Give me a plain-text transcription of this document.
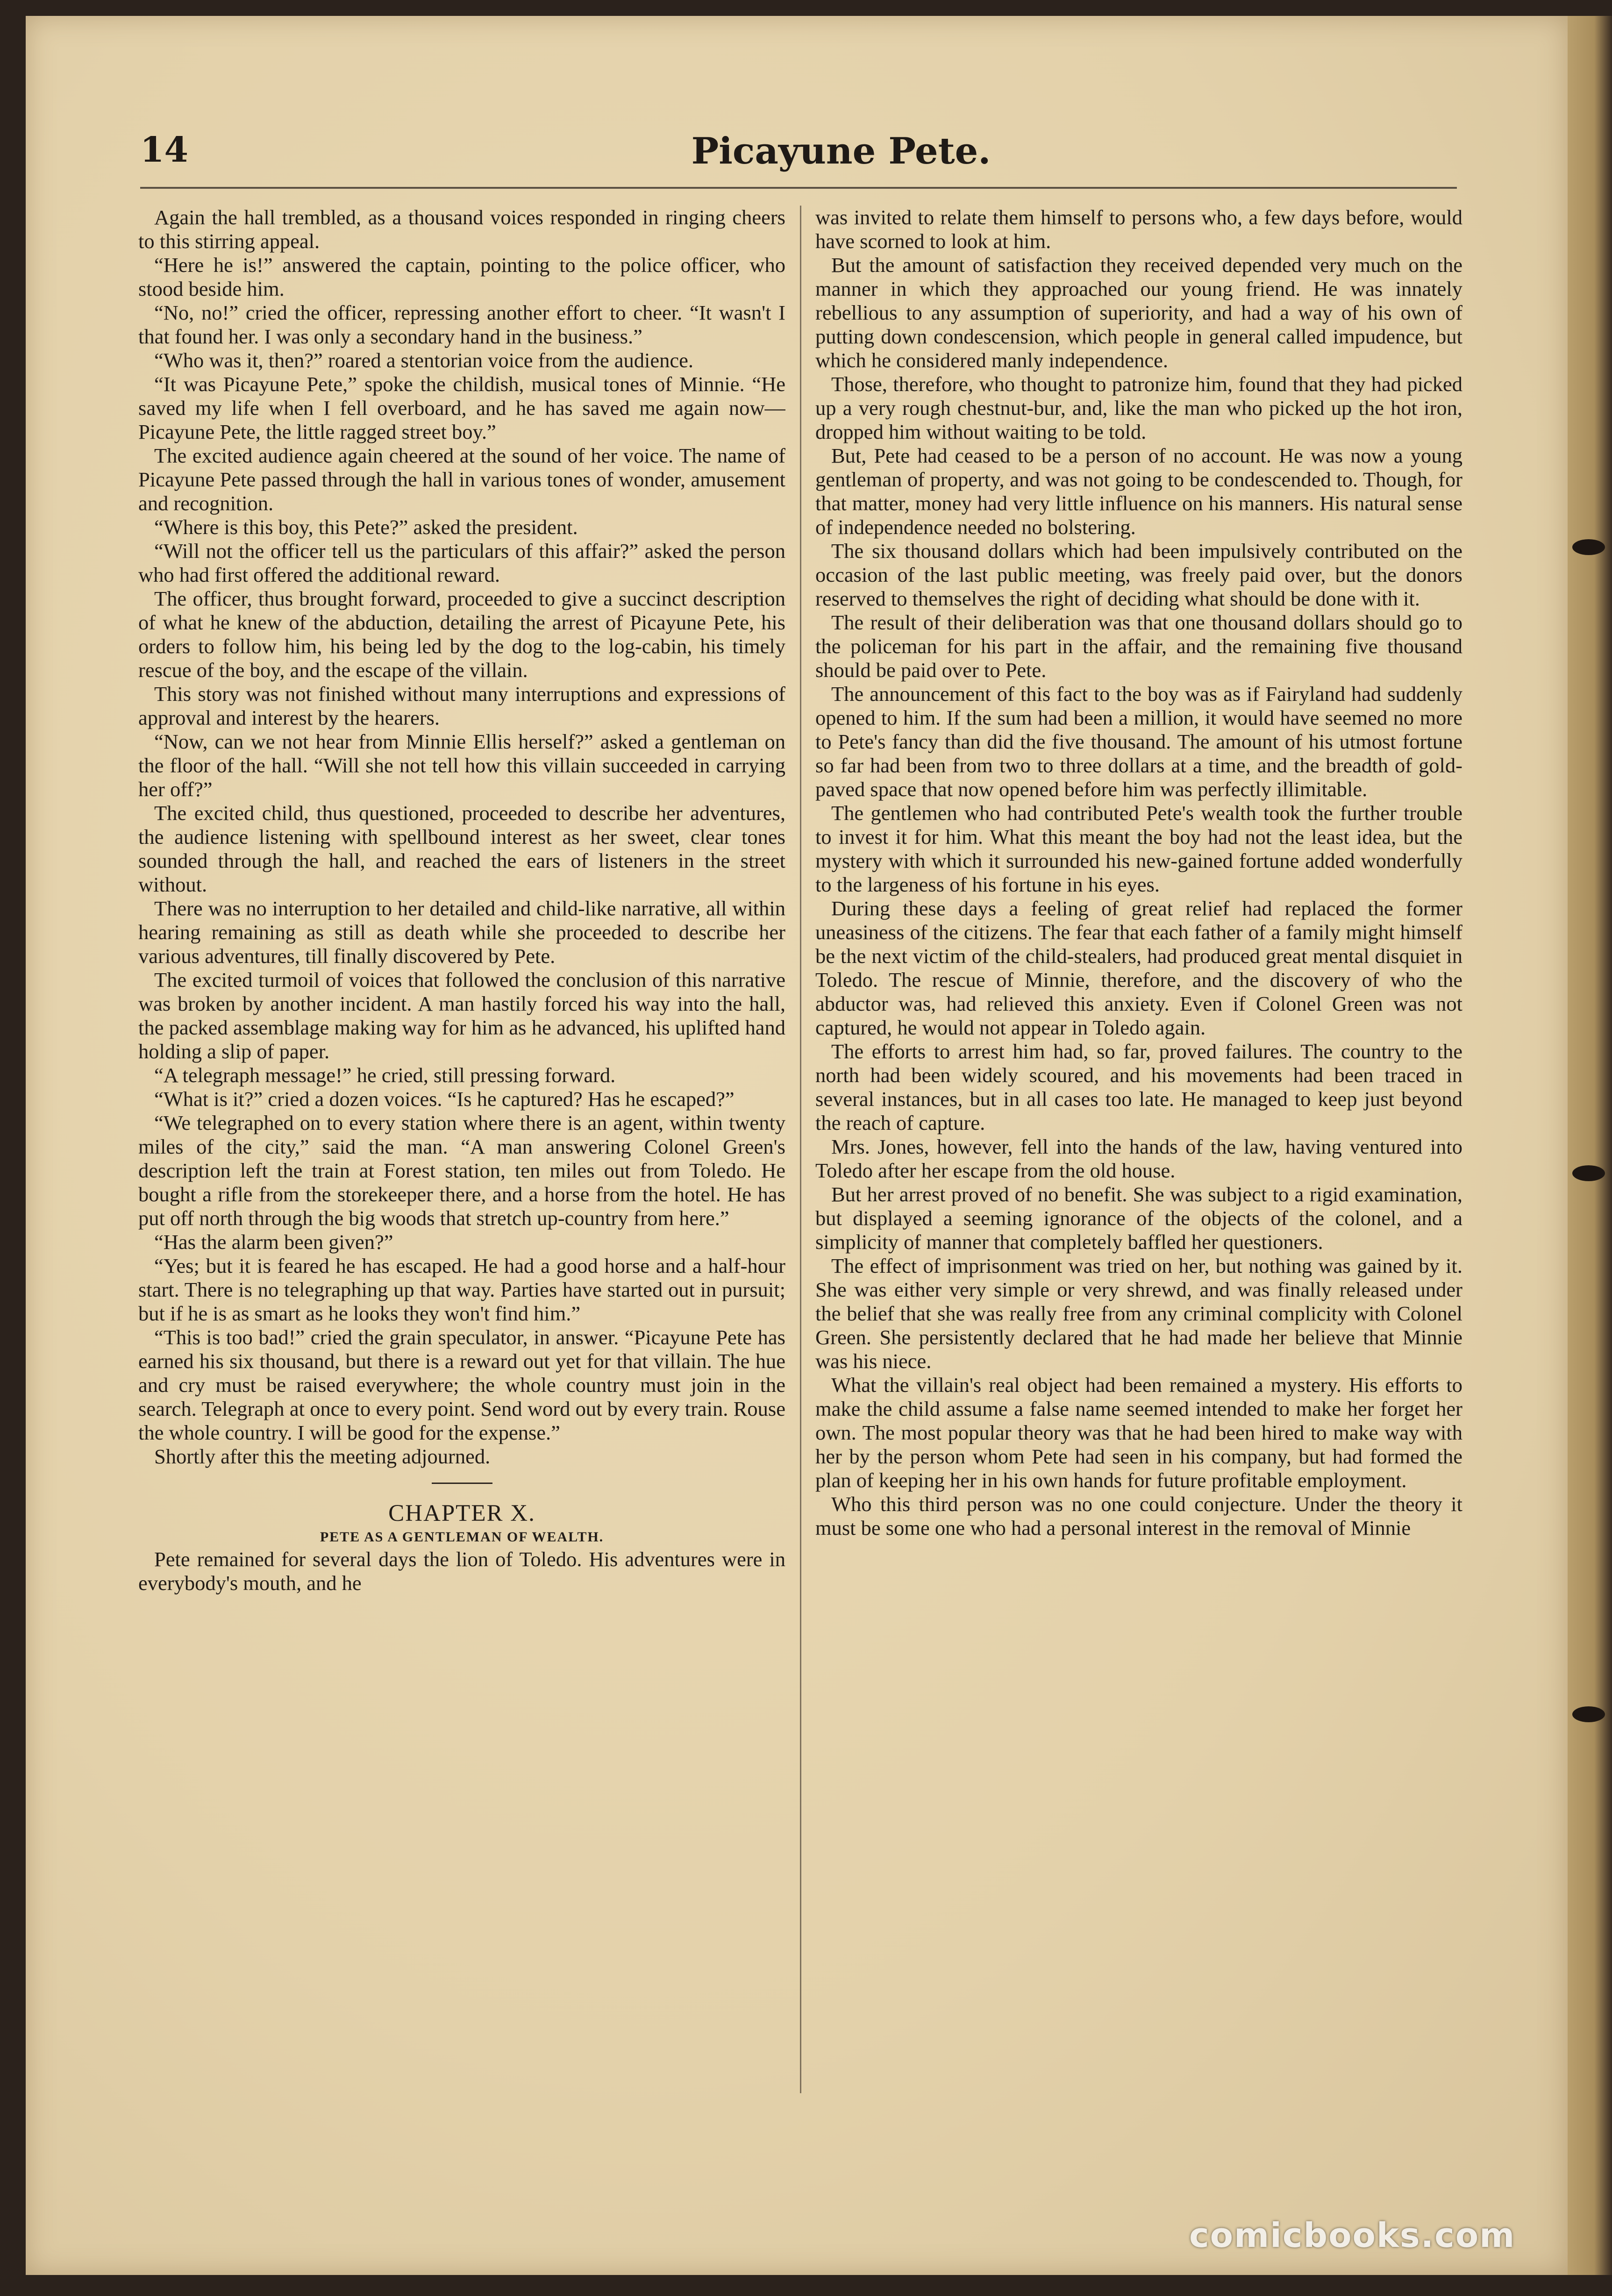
14	Picayune Pete.

Again the hall trembled, as a thousand voices responded in ringing cheers to this stirring appeal.

“Here he is!” answered the captain, pointing to the police officer, who stood beside him.

“No, no!” cried the officer, repressing another effort to cheer. “It wasn't I that found her. I was only a secondary hand in the business.”

“Who was it, then?” roared a stentorian voice from the audience.

“It was Picayune Pete,” spoke the childish, musical tones of Minnie. “He saved my life when I fell overboard, and he has saved me again now—Picayune Pete, the little ragged street boy.”

The excited audience again cheered at the sound of her voice. The name of Picayune Pete passed through the hall in various tones of wonder, amusement and recognition.

“Where is this boy, this Pete?” asked the president.

“Will not the officer tell us the particulars of this affair?” asked the person who had first offered the additional reward.

The officer, thus brought forward, proceeded to give a succinct description of what he knew of the abduction, detailing the arrest of Picayune Pete, his orders to follow him, his being led by the dog to the log-cabin, his timely rescue of the boy, and the escape of the villain.

This story was not finished without many interruptions and expressions of approval and interest by the hearers.

“Now, can we not hear from Minnie Ellis herself?” asked a gentleman on the floor of the hall. “Will she not tell how this villain succeeded in carrying her off?”

The excited child, thus questioned, proceeded to describe her adventures, the audience listening with spellbound interest as her sweet, clear tones sounded through the hall, and reached the ears of listeners in the street without.

There was no interruption to her detailed and child-like narrative, all within hearing remaining as still as death while she proceeded to describe her various adventures, till finally discovered by Pete.

The excited turmoil of voices that followed the conclusion of this narrative was broken by another incident. A man hastily forced his way into the hall, the packed assemblage making way for him as he advanced, his uplifted hand holding a slip of paper.

“A telegraph message!” he cried, still pressing forward.

“What is it?” cried a dozen voices. “Is he captured? Has he escaped?”

“We telegraphed on to every station where there is an agent, within twenty miles of the city,” said the man. “A man answering Colonel Green's description left the train at Forest station, ten miles out from Toledo. He bought a rifle from the storekeeper there, and a horse from the hotel. He has put off north through the big woods that stretch up-country from here.”

“Has the alarm been given?”

“Yes; but it is feared he has escaped. He had a good horse and a half-hour start. There is no telegraphing up that way. Parties have started out in pursuit; but if he is as smart as he looks they won't find him.”

“This is too bad!” cried the grain speculator, in answer. “Picayune Pete has earned his six thousand, but there is a reward out yet for that villain. The hue and cry must be raised everywhere; the whole country must join in the search. Telegraph at once to every point. Send word out by every train. Rouse the whole country. I will be good for the expense.”

Shortly after this the meeting adjourned.

CHAPTER X.
PETE AS A GENTLEMAN OF WEALTH.

Pete remained for several days the lion of Toledo. His adventures were in everybody's mouth, and he

was invited to relate them himself to persons who, a few days before, would have scorned to look at him.

But the amount of satisfaction they received depended very much on the manner in which they approached our young friend. He was innately rebellious to any assumption of superiority, and had a way of his own of putting down condescension, which people in general called impudence, but which he considered manly independence.

Those, therefore, who thought to patronize him, found that they had picked up a very rough chestnut-bur, and, like the man who picked up the hot iron, dropped him without waiting to be told.

But, Pete had ceased to be a person of no account. He was now a young gentleman of property, and was not going to be condescended to. Though, for that matter, money had very little influence on his manners. His natural sense of independence needed no bolstering.

The six thousand dollars which had been impulsively contributed on the occasion of the last public meeting, was freely paid over, but the donors reserved to themselves the right of deciding what should be done with it.

The result of their deliberation was that one thousand dollars should go to the policeman for his part in the affair, and the remaining five thousand should be paid over to Pete.

The announcement of this fact to the boy was as if Fairyland had suddenly opened to him. If the sum had been a million, it would have seemed no more to Pete's fancy than did the five thousand. The amount of his utmost fortune so far had been from two to three dollars at a time, and the breadth of gold-paved space that now opened before him was perfectly illimitable.

The gentlemen who had contributed Pete's wealth took the further trouble to invest it for him. What this meant the boy had not the least idea, but the mystery with which it surrounded his new-gained fortune added wonderfully to the largeness of his fortune in his eyes.

During these days a feeling of great relief had replaced the former uneasiness of the citizens. The fear that each father of a family might himself be the next victim of the child-stealers, had produced great mental disquiet in Toledo. The rescue of Minnie, therefore, and the discovery of who the abductor was, had relieved this anxiety. Even if Colonel Green was not captured, he would not appear in Toledo again.

The efforts to arrest him had, so far, proved failures. The country to the north had been widely scoured, and his movements had been traced in several instances, but in all cases too late. He managed to keep just beyond the reach of capture.

Mrs. Jones, however, fell into the hands of the law, having ventured into Toledo after her escape from the old house.

But her arrest proved of no benefit. She was subject to a rigid examination, but displayed a seeming ignorance of the objects of the colonel, and a simplicity of manner that completely baffled her questioners.

The effect of imprisonment was tried on her, but nothing was gained by it. She was either very simple or very shrewd, and was finally released under the belief that she was really free from any criminal complicity with Colonel Green. She persistently declared that he had made her believe that Minnie was his niece.

What the villain's real object had been remained a mystery. His efforts to make the child assume a false name seemed intended to make her forget her own. The most popular theory was that he had been hired to make way with her by the person whom Pete had seen in his company, but had formed the plan of keeping her in his own hands for future profitable employment.

Who this third person was no one could conjecture. Under the theory it must be some one who had a personal interest in the removal of Minnie

comicbooks.com
